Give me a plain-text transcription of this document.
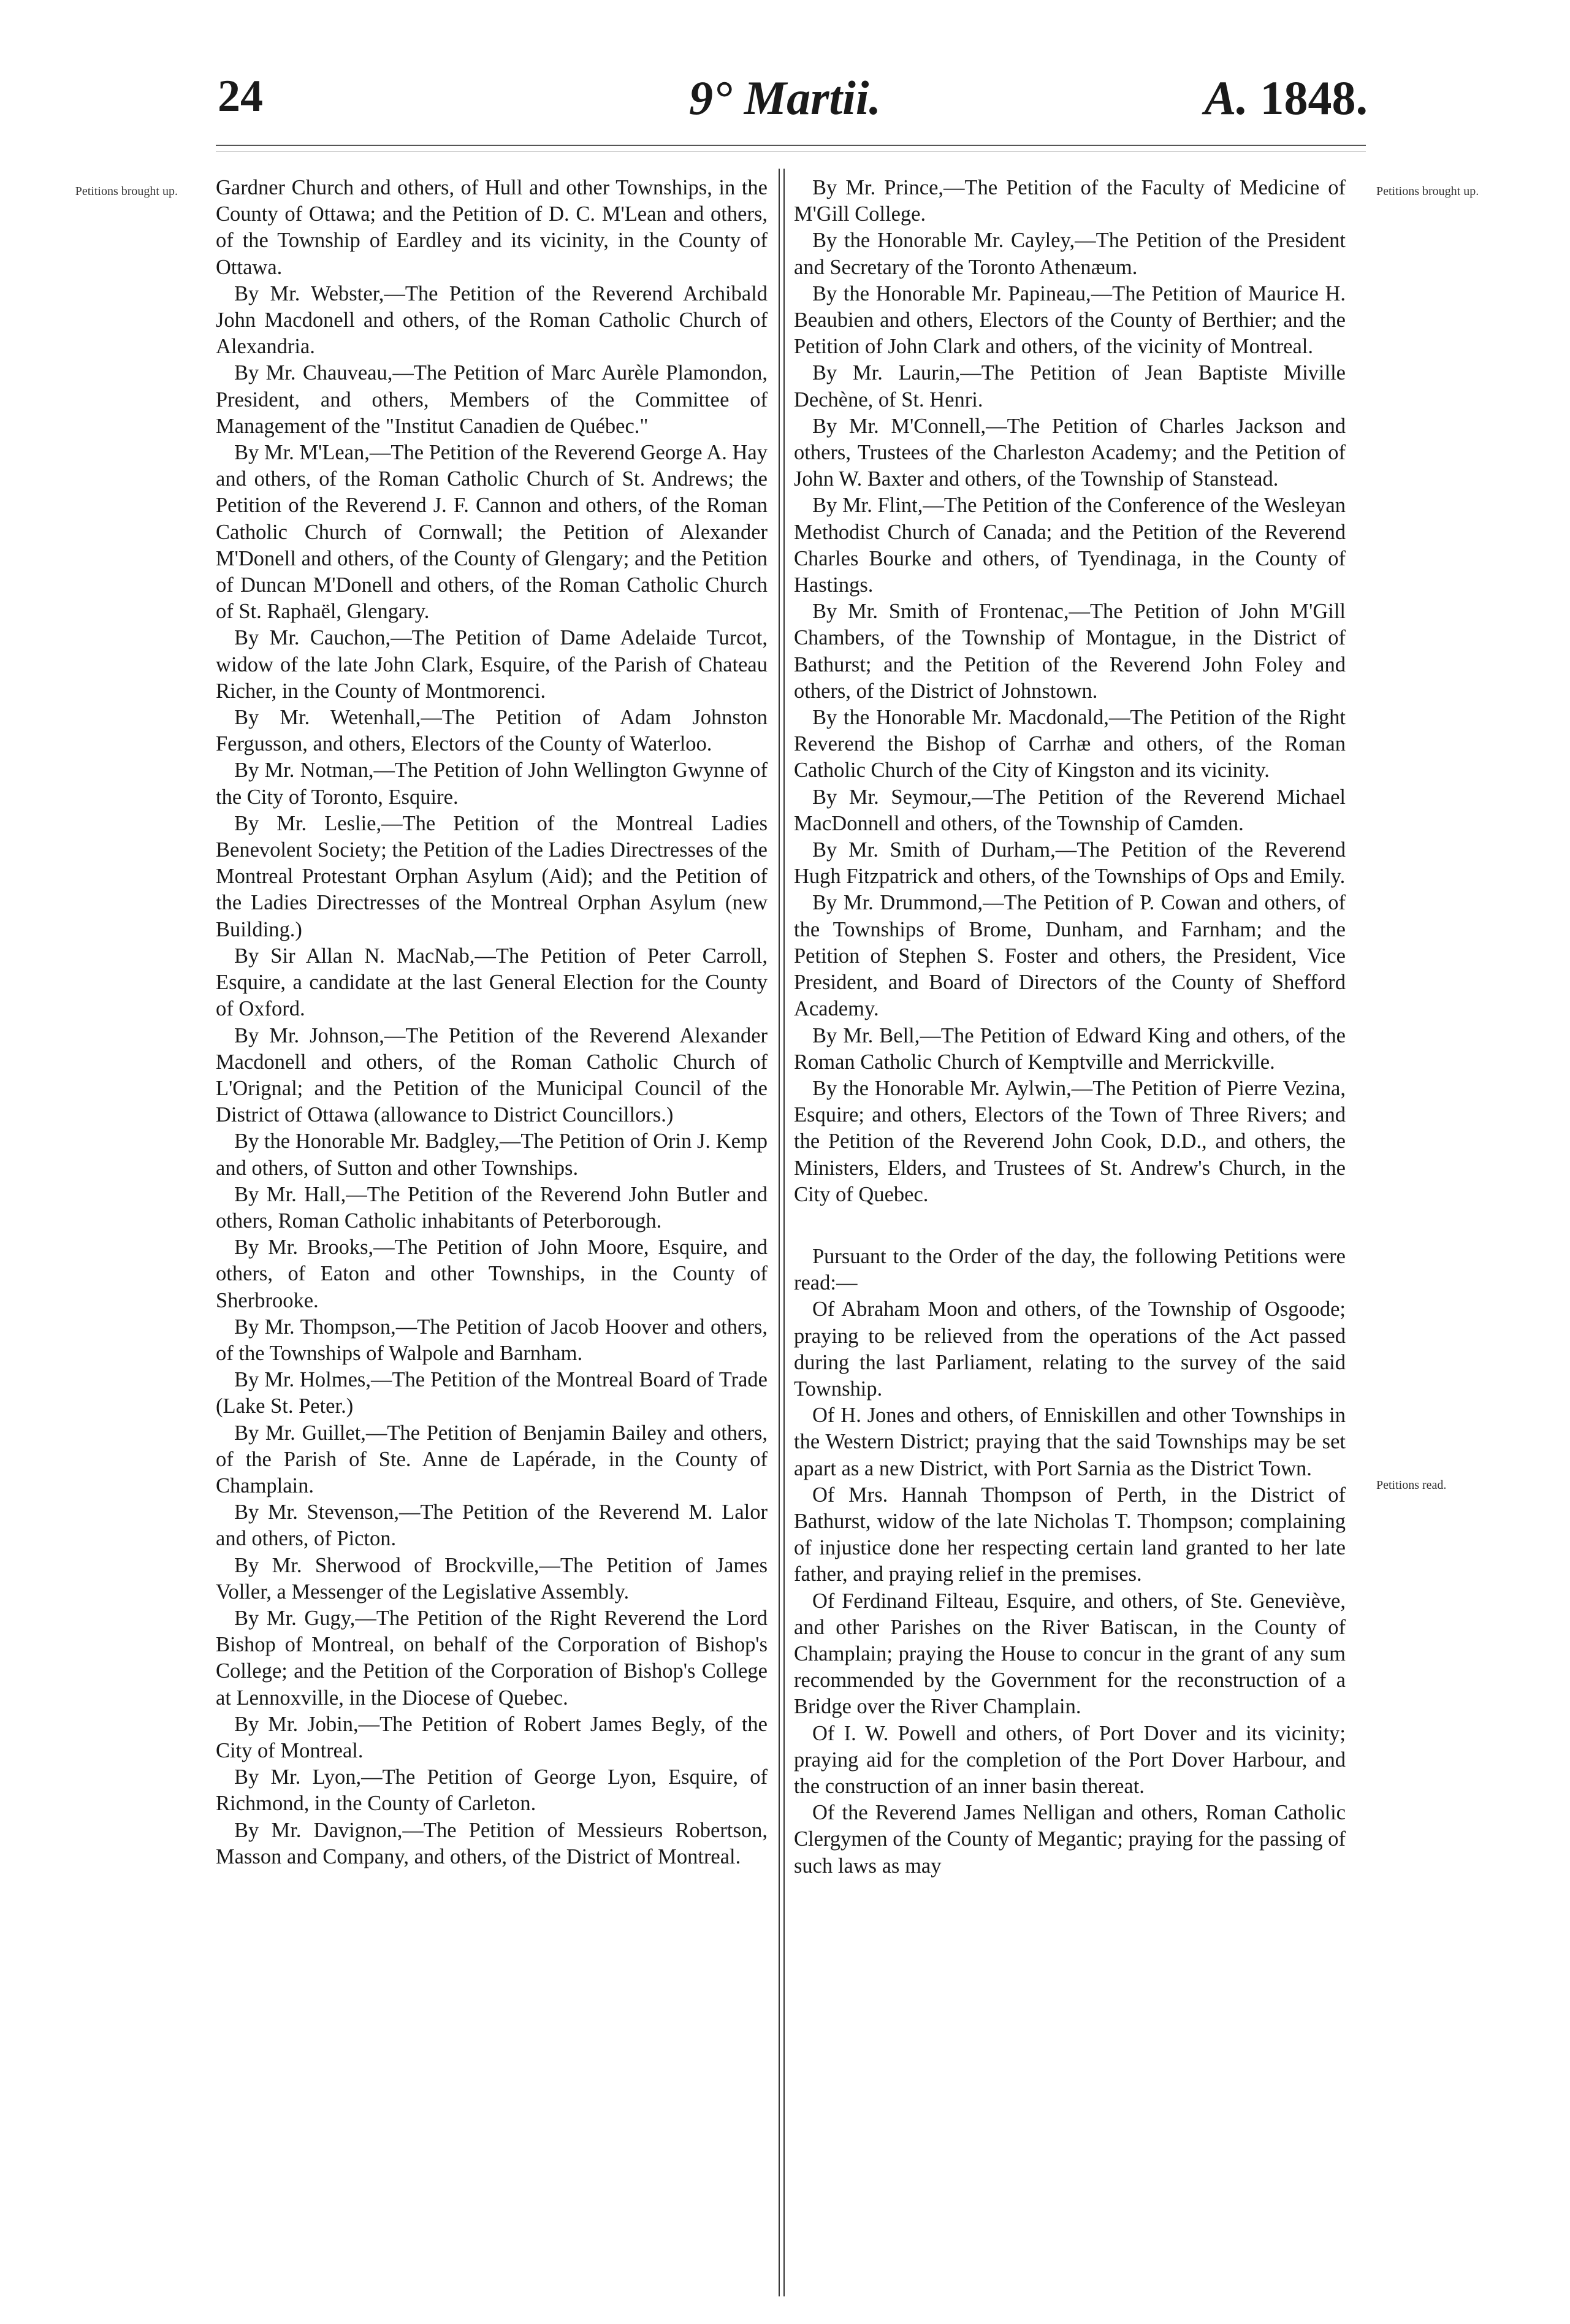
24	9° Martii.	A. 1848.
Petitions brought up.	Petitions brought up.
Petitions read.

Gardner Church and others, of Hull and other Townships, in the County of Ottawa; and the Petition of D. C. M'Lean and others, of the Township of Eardley and its vicinity, in the County of Ottawa.

By Mr. Webster,—The Petition of the Reverend Archibald John Macdonell and others, of the Roman Catholic Church of Alexandria.

By Mr. Chauveau,—The Petition of Marc Aurèle Plamondon, President, and others, Members of the Committee of Management of the "Institut Canadien de Québec."

By Mr. M'Lean,—The Petition of the Reverend George A. Hay and others, of the Roman Catholic Church of St. Andrews; the Petition of the Reverend J. F. Cannon and others, of the Roman Catholic Church of Cornwall; the Petition of Alexander M'Donell and others, of the County of Glengary; and the Petition of Duncan M'Donell and others, of the Roman Catholic Church of St. Raphaël, Glengary.

By Mr. Cauchon,—The Petition of Dame Adelaide Turcot, widow of the late John Clark, Esquire, of the Parish of Chateau Richer, in the County of Montmorenci.

By Mr. Wetenhall,—The Petition of Adam Johnston Fergusson, and others, Electors of the County of Waterloo.

By Mr. Notman,—The Petition of John Wellington Gwynne of the City of Toronto, Esquire.

By Mr. Leslie,—The Petition of the Montreal Ladies Benevolent Society; the Petition of the Ladies Directresses of the Montreal Protestant Orphan Asylum (Aid); and the Petition of the Ladies Directresses of the Montreal Orphan Asylum (new Building.)

By Sir Allan N. MacNab,—The Petition of Peter Carroll, Esquire, a candidate at the last General Election for the County of Oxford.

By Mr. Johnson,—The Petition of the Reverend Alexander Macdonell and others, of the Roman Catholic Church of L'Orignal; and the Petition of the Municipal Council of the District of Ottawa (allowance to District Councillors.)

By the Honorable Mr. Badgley,—The Petition of Orin J. Kemp and others, of Sutton and other Townships.

By Mr. Hall,—The Petition of the Reverend John Butler and others, Roman Catholic inhabitants of Peterborough.

By Mr. Brooks,—The Petition of John Moore, Esquire, and others, of Eaton and other Townships, in the County of Sherbrooke.

By Mr. Thompson,—The Petition of Jacob Hoover and others, of the Townships of Walpole and Barnham.

By Mr. Holmes,—The Petition of the Montreal Board of Trade (Lake St. Peter.)

By Mr. Guillet,—The Petition of Benjamin Bailey and others, of the Parish of Ste. Anne de Lapérade, in the County of Champlain.

By Mr. Stevenson,—The Petition of the Reverend M. Lalor and others, of Picton.

By Mr. Sherwood of Brockville,—The Petition of James Voller, a Messenger of the Legislative Assembly.

By Mr. Gugy,—The Petition of the Right Reverend the Lord Bishop of Montreal, on behalf of the Corporation of Bishop's College; and the Petition of the Corporation of Bishop's College at Lennoxville, in the Diocese of Quebec.

By Mr. Jobin,—The Petition of Robert James Begly, of the City of Montreal.

By Mr. Lyon,—The Petition of George Lyon, Esquire, of Richmond, in the County of Carleton.

By Mr. Davignon,—The Petition of Messieurs Robertson, Masson and Company, and others, of the District of Montreal.

By Mr. Prince,—The Petition of the Faculty of Medicine of M'Gill College.

By the Honorable Mr. Cayley,—The Petition of the President and Secretary of the Toronto Athenæum.

By the Honorable Mr. Papineau,—The Petition of Maurice H. Beaubien and others, Electors of the County of Berthier; and the Petition of John Clark and others, of the vicinity of Montreal.

By Mr. Laurin,—The Petition of Jean Baptiste Miville Dechène, of St. Henri.

By Mr. M'Connell,—The Petition of Charles Jackson and others, Trustees of the Charleston Academy; and the Petition of John W. Baxter and others, of the Township of Stanstead.

By Mr. Flint,—The Petition of the Conference of the Wesleyan Methodist Church of Canada; and the Petition of the Reverend Charles Bourke and others, of Tyendinaga, in the County of Hastings.

By Mr. Smith of Frontenac,—The Petition of John M'Gill Chambers, of the Township of Montague, in the District of Bathurst; and the Petition of the Reverend John Foley and others, of the District of Johnstown.

By the Honorable Mr. Macdonald,—The Petition of the Right Reverend the Bishop of Carrhæ and others, of the Roman Catholic Church of the City of Kingston and its vicinity.

By Mr. Seymour,—The Petition of the Reverend Michael MacDonnell and others, of the Township of Camden.

By Mr. Smith of Durham,—The Petition of the Reverend Hugh Fitzpatrick and others, of the Townships of Ops and Emily.

By Mr. Drummond,—The Petition of P. Cowan and others, of the Townships of Brome, Dunham, and Farnham; and the Petition of Stephen S. Foster and others, the President, Vice President, and Board of Directors of the County of Shefford Academy.

By Mr. Bell,—The Petition of Edward King and others, of the Roman Catholic Church of Kemptville and Merrickville.

By the Honorable Mr. Aylwin,—The Petition of Pierre Vezina, Esquire; and others, Electors of the Town of Three Rivers; and the Petition of the Reverend John Cook, D.D., and others, the Ministers, Elders, and Trustees of St. Andrew's Church, in the City of Quebec.

Pursuant to the Order of the day, the following Petitions were read:—

Of Abraham Moon and others, of the Township of Osgoode; praying to be relieved from the operations of the Act passed during the last Parliament, relating to the survey of the said Township.

Of H. Jones and others, of Enniskillen and other Townships in the Western District; praying that the said Townships may be set apart as a new District, with Port Sarnia as the District Town.

Of Mrs. Hannah Thompson of Perth, in the District of Bathurst, widow of the late Nicholas T. Thompson; complaining of injustice done her respecting certain land granted to her late father, and praying relief in the premises.

Of Ferdinand Filteau, Esquire, and others, of Ste. Geneviève, and other Parishes on the River Batiscan, in the County of Champlain; praying the House to concur in the grant of any sum recommended by the Government for the reconstruction of a Bridge over the River Champlain.

Of I. W. Powell and others, of Port Dover and its vicinity; praying aid for the completion of the Port Dover Harbour, and the construction of an inner basin thereat.

Of the Reverend James Nelligan and others, Roman Catholic Clergymen of the County of Megantic; praying for the passing of such laws as may
